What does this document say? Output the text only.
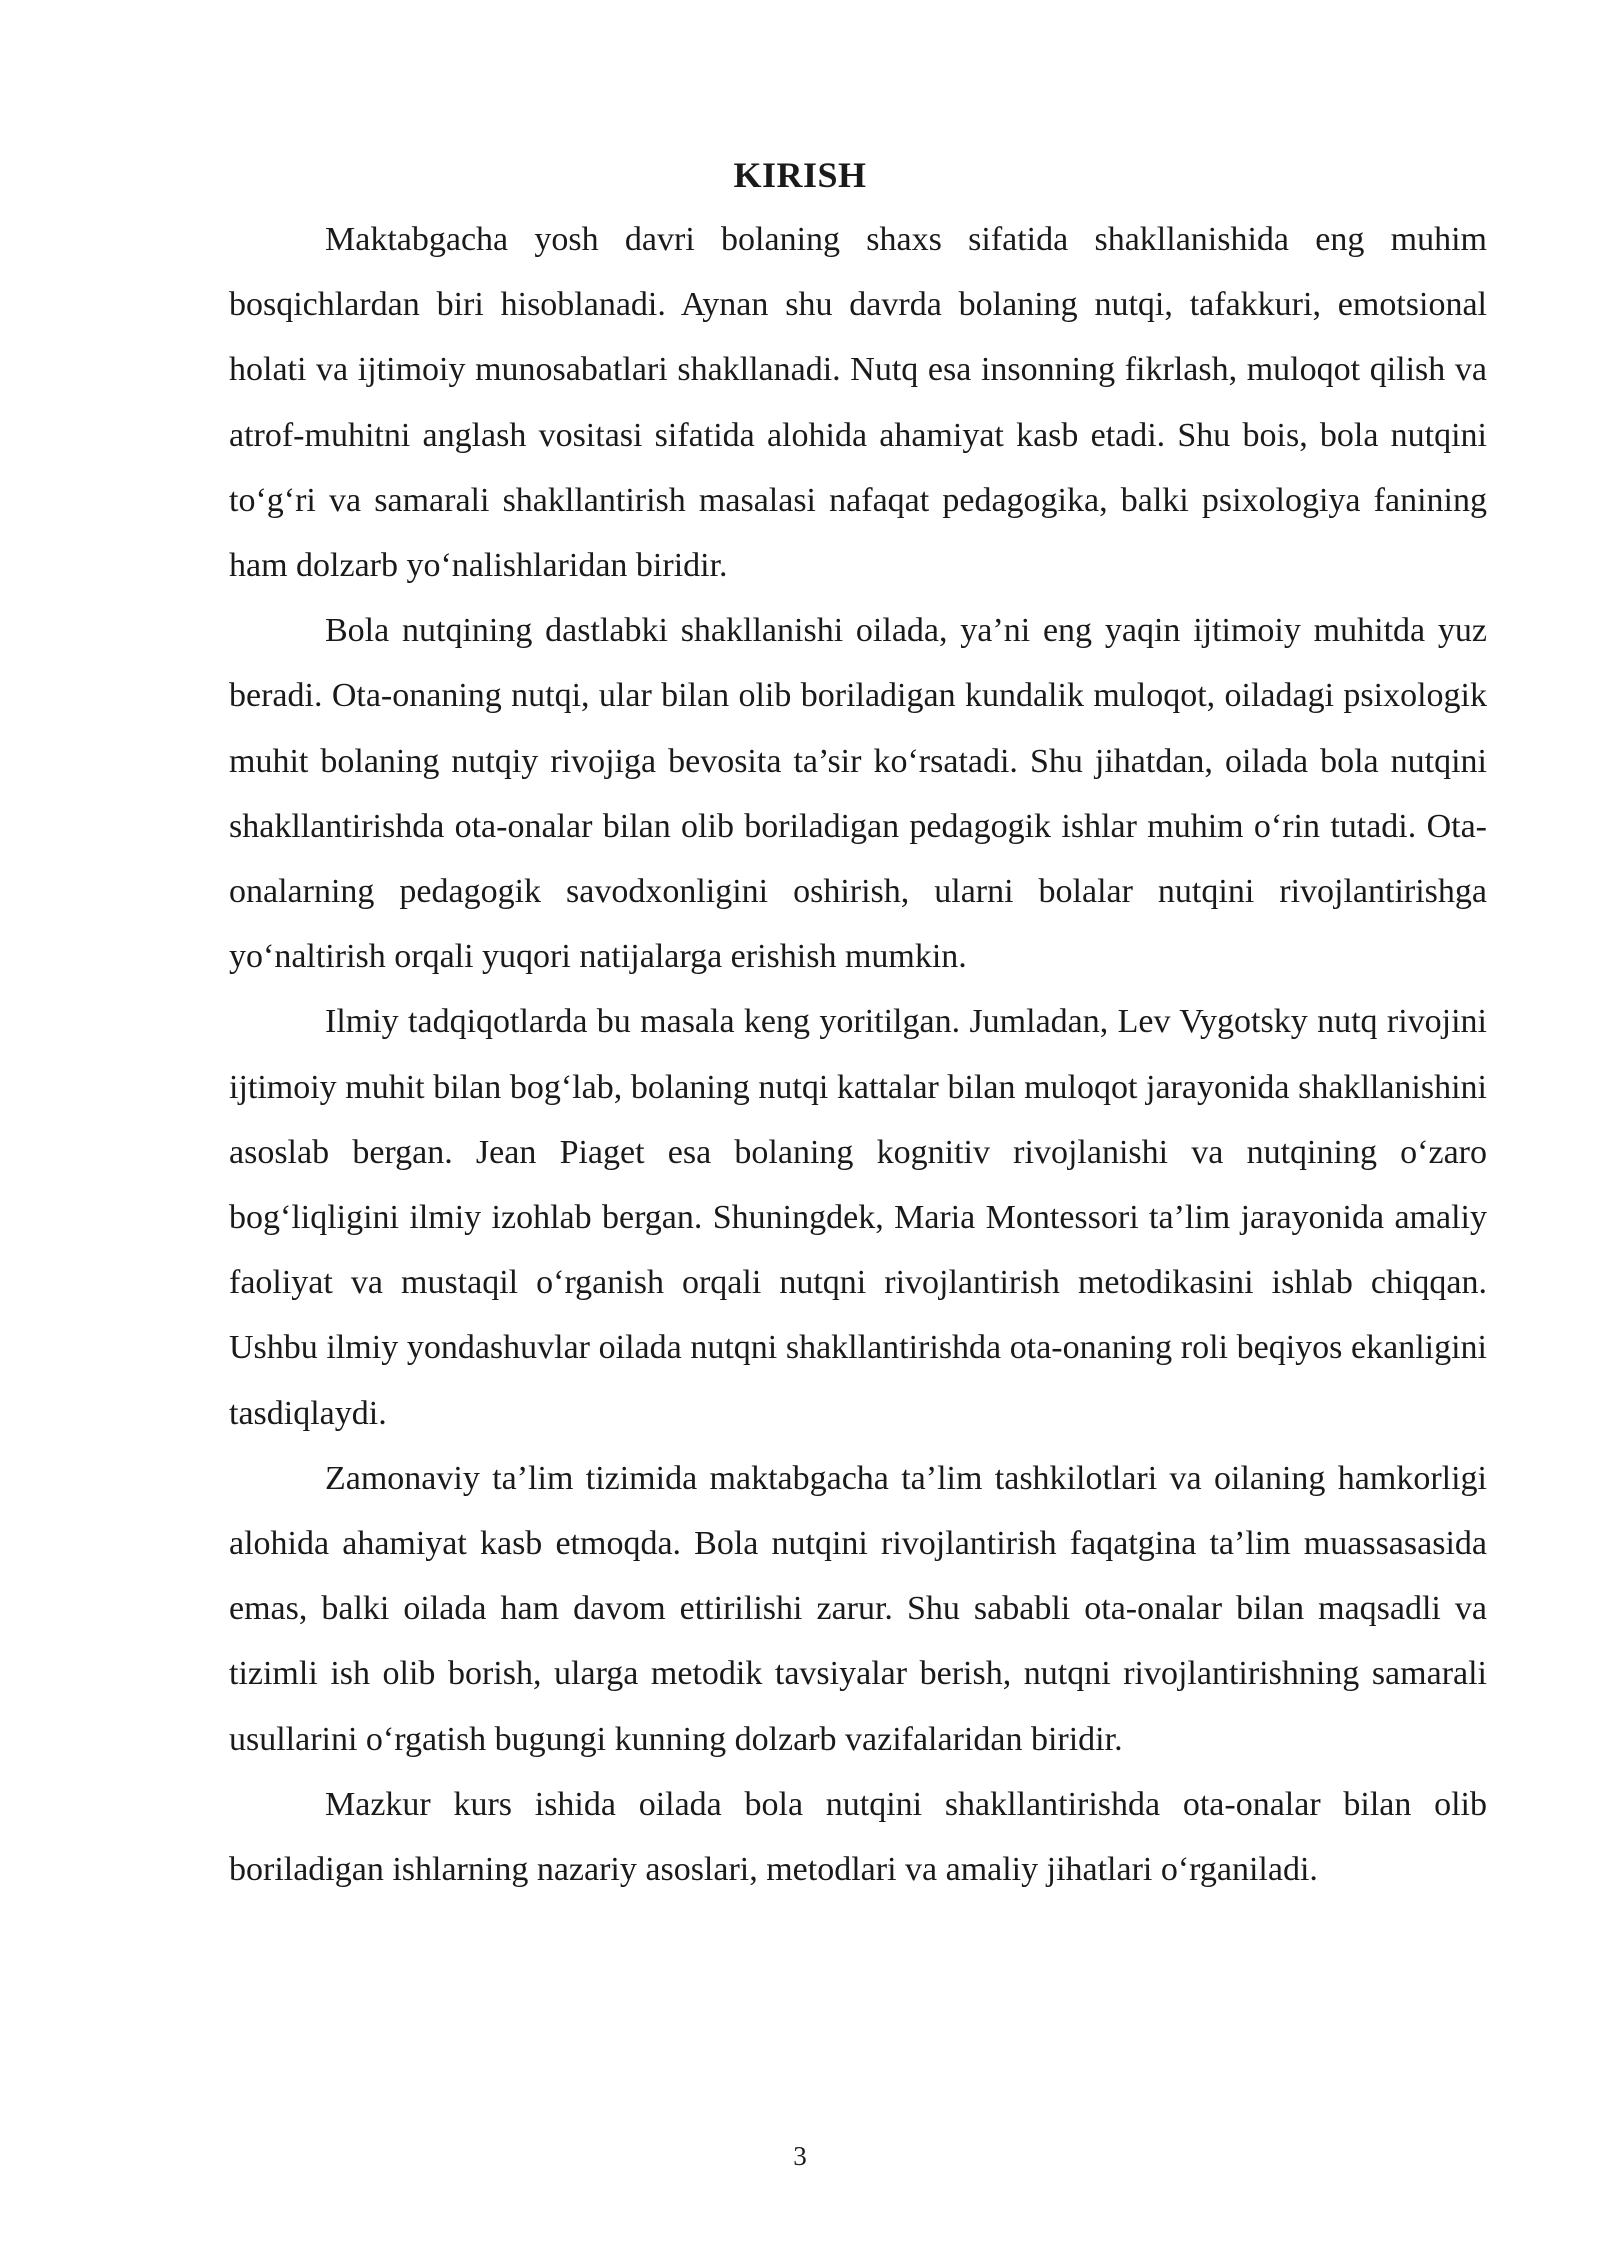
KIRISH

Maktabgacha yosh davri bolaning shaxs sifatida shakllanishida eng muhim bosqichlardan biri hisoblanadi. Aynan shu davrda bolaning nutqi, tafakkuri, emotsional holati va ijtimoiy munosabatlari shakllanadi. Nutq esa insonning fikrlash, muloqot qilish va atrof-muhitni anglash vositasi sifatida alohida ahamiyat kasb etadi. Shu bois, bola nutqini to‘g‘ri va samarali shakllantirish masalasi nafaqat pedagogika, balki psixologiya fanining ham dolzarb yo‘nalishlaridan biridir.

Bola nutqining dastlabki shakllanishi oilada, ya’ni eng yaqin ijtimoiy muhitda yuz beradi. Ota-onaning nutqi, ular bilan olib boriladigan kundalik muloqot, oiladagi psixologik muhit bolaning nutqiy rivojiga bevosita ta’sir ko‘rsatadi. Shu jihatdan, oilada bola nutqini shakllantirishda ota-onalar bilan olib boriladigan pedagogik ishlar muhim o‘rin tutadi. Ota-onalarning pedagogik savodxonligini oshirish, ularni bolalar nutqini rivojlantirishga yo‘naltirish orqali yuqori natijalarga erishish mumkin.

Ilmiy tadqiqotlarda bu masala keng yoritilgan. Jumladan, Lev Vygotsky nutq rivojini ijtimoiy muhit bilan bog‘lab, bolaning nutqi kattalar bilan muloqot jarayonida shakllanishini asoslab bergan. Jean Piaget esa bolaning kognitiv rivojlanishi va nutqining o‘zaro bog‘liqligini ilmiy izohlab bergan. Shuningdek, Maria Montessori ta’lim jarayonida amaliy faoliyat va mustaqil o‘rganish orqali nutqni rivojlantirish metodikasini ishlab chiqqan. Ushbu ilmiy yondashuvlar oilada nutqni shakllantirishda ota-onaning roli beqiyos ekanligini tasdiqlaydi.

Zamonaviy ta’lim tizimida maktabgacha ta’lim tashkilotlari va oilaning hamkorligi alohida ahamiyat kasb etmoqda. Bola nutqini rivojlantirish faqatgina ta’lim muassasasida emas, balki oilada ham davom ettirilishi zarur. Shu sababli ota-onalar bilan maqsadli va tizimli ish olib borish, ularga metodik tavsiyalar berish, nutqni rivojlantirishning samarali usullarini o‘rgatish bugungi kunning dolzarb vazifalaridan biridir.

Mazkur kurs ishida oilada bola nutqini shakllantirishda ota-onalar bilan olib boriladigan ishlarning nazariy asoslari, metodlari va amaliy jihatlari o‘rganiladi.

3
